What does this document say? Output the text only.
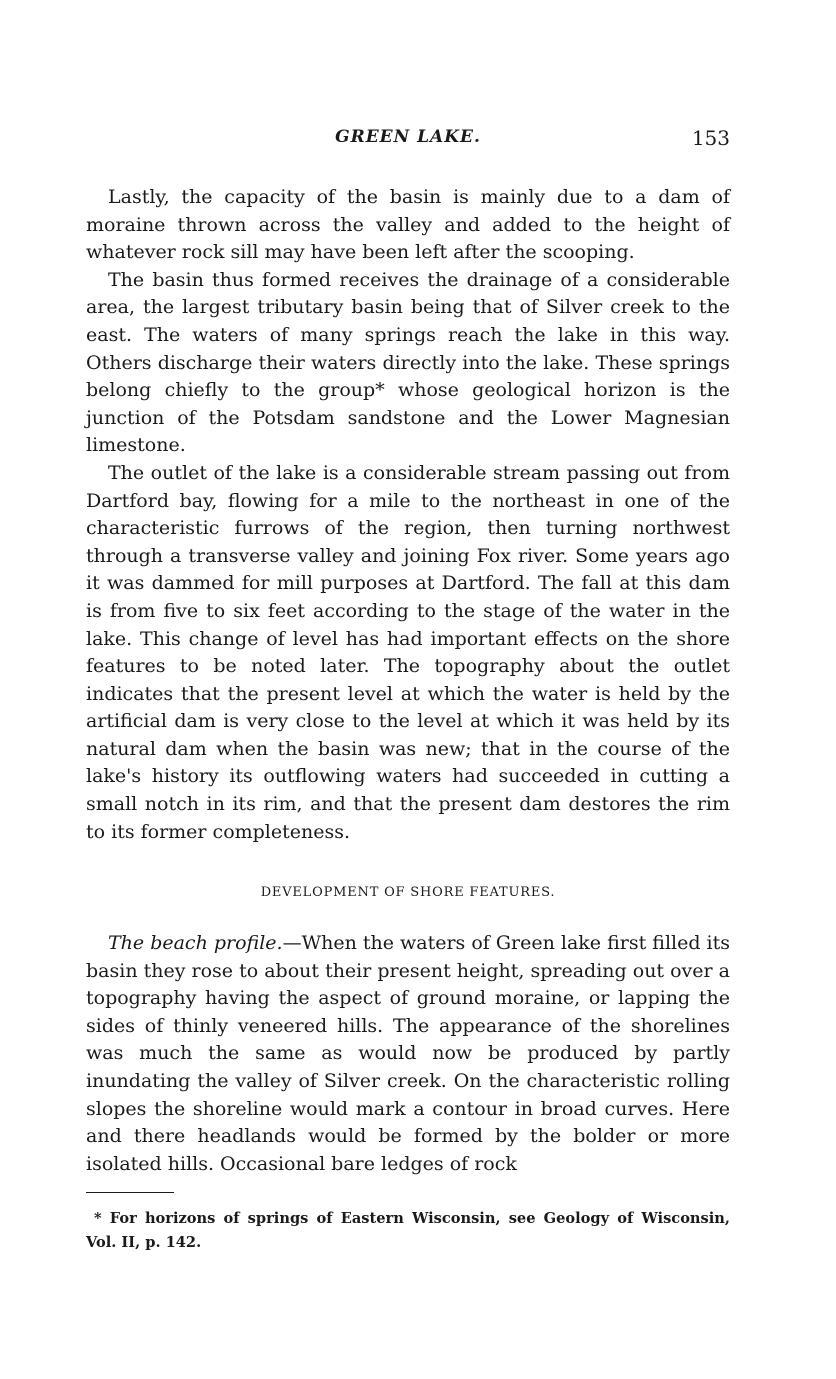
GREEN LAKE.	153

Lastly, the capacity of the basin is mainly due to a dam of moraine thrown across the valley and added to the height of whatever rock sill may have been left after the scooping.

The basin thus formed receives the drainage of a considerable area, the largest tributary basin being that of Silver creek to the east. The waters of many springs reach the lake in this way. Others discharge their waters directly into the lake. These springs belong chiefly to the group* whose geological horizon is the junction of the Potsdam sandstone and the Lower Magnesian limestone.

The outlet of the lake is a considerable stream passing out from Dartford bay, flowing for a mile to the northeast in one of the characteristic furrows of the region, then turning northwest through a transverse valley and joining Fox river. Some years ago it was dammed for mill purposes at Dartford. The fall at this dam is from five to six feet according to the stage of the water in the lake. This change of level has had important effects on the shore features to be noted later. The topography about the outlet indicates that the present level at which the water is held by the artificial dam is very close to the level at which it was held by its natural dam when the basin was new; that in the course of the lake's history its outflowing waters had succeeded in cutting a small notch in its rim, and that the present dam destores the rim to its former completeness.

DEVELOPMENT OF SHORE FEATURES.

The beach profile.—When the waters of Green lake first filled its basin they rose to about their present height, spreading out over a topography having the aspect of ground moraine, or lapping the sides of thinly veneered hills. The appearance of the shorelines was much the same as would now be produced by partly inundating the valley of Silver creek. On the characteristic rolling slopes the shoreline would mark a contour in broad curves. Here and there headlands would be formed by the bolder or more isolated hills. Occasional bare ledges of rock

* For horizons of springs of Eastern Wisconsin, see Geology of Wisconsin, Vol. II, p. 142.
